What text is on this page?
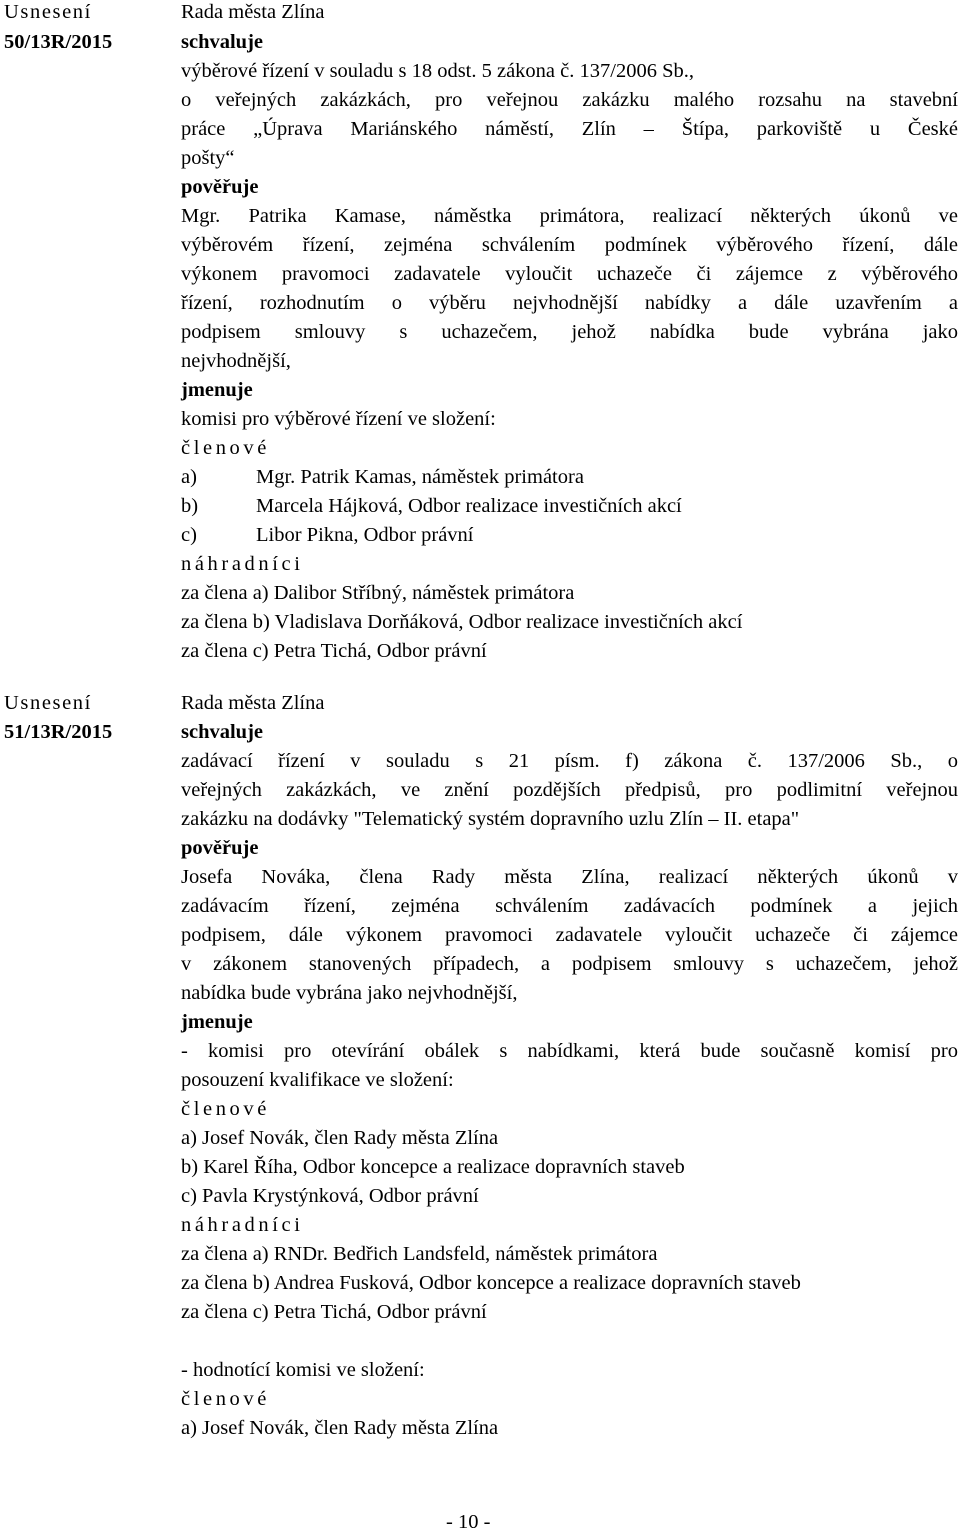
Usnesení
50/13R/2015
Rada města Zlína
schvaluje
výběrové řízení v souladu s 18 odst. 5 zákona č. 137/2006 Sb.,
o veřejných zakázkách, pro veřejnou zakázku malého rozsahu na stavební
práce „Úprava Mariánského náměstí, Zlín – Štípa, parkoviště u České
pošty“
pověřuje
Mgr. Patrika Kamase, náměstka primátora, realizací některých úkonů ve
výběrovém řízení, zejména schválením podmínek výběrového řízení, dále
výkonem pravomoci zadavatele vyloučit uchazeče či zájemce z výběrového
řízení, rozhodnutím o výběru nejvhodnější nabídky a dále uzavřením a
podpisem smlouvy s uchazečem, jehož nabídka bude vybrána jako
nejvhodnější,
jmenuje
komisi pro výběrové řízení ve složení:
členové
a)	Mgr. Patrik Kamas, náměstek primátora
b)	Marcela Hájková, Odbor realizace investičních akcí
c)	Libor Pikna, Odbor právní
náhradníci
za člena a) Dalibor Stříbný, náměstek primátora
za člena b) Vladislava Dorňáková, Odbor realizace investičních akcí
za člena c) Petra Tichá, Odbor právní
Usnesení
51/13R/2015
Rada města Zlína
schvaluje
zadávací řízení v souladu s 21 písm. f) zákona č. 137/2006 Sb., o
veřejných zakázkách, ve znění pozdějších předpisů, pro podlimitní veřejnou
zakázku na dodávky "Telematický systém dopravního uzlu Zlín – II. etapa"
pověřuje
Josefa Nováka, člena Rady města Zlína, realizací některých úkonů v
zadávacím řízení, zejména schválením zadávacích podmínek a jejich
podpisem, dále výkonem pravomoci zadavatele vyloučit uchazeče či zájemce
v zákonem stanovených případech, a podpisem smlouvy s uchazečem, jehož
nabídka bude vybrána jako nejvhodnější,
jmenuje
- komisi pro otevírání obálek s nabídkami, která bude současně komisí pro
posouzení kvalifikace ve složení:
členové
a) Josef Novák, člen Rady města Zlína
b) Karel Říha, Odbor koncepce a realizace dopravních staveb
c) Pavla Krystýnková, Odbor právní
náhradníci
za člena a) RNDr. Bedřich Landsfeld, náměstek primátora
za člena b) Andrea Fusková, Odbor koncepce a realizace dopravních staveb
za člena c) Petra Tichá, Odbor právní
- hodnotící komisi ve složení:
členové
a) Josef Novák, člen Rady města Zlína
- 10 -
